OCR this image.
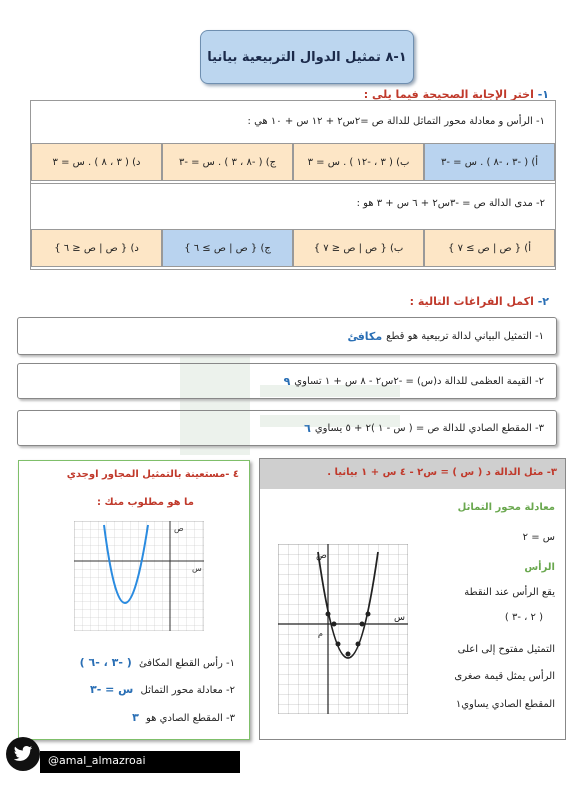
١-٨ تمثيل الدوال التربيعية بيانيا
١- اختر الإجابة الصحيحة فيما يلي :
١- الرأس و معادلة محور التماثل للدالة ص =٢س٢ + ١٢ س + ١٠ هي :
أ) ( -٣ ، -٨ ) . س = -٣
ب) ( ٣ ، -١٢ ) . س = ٣
ج) ( -٨ ، ٣ ) . س = -٣
د) ( ٣ ، ٨ ) . س = ٣
٢- مدى الدالة ص = -٣س٢ + ٦ س + ٣ هو :
أ) { ص | ص ≥ ٧ }
ب) { ص | ص ≤ ٧ }
ج) { ص | ص ≥ ٦ }
د) { ص | ص ≤ ٦ }
٢- اكمل الفراغات التالية :
١- التمثيل البياني لدالة تربيعية هو قطع
مكافئ
٢- القيمة العظمى للدالة د(س) = -٢س٢ - ٨ س + ١ تساوي
٩
٣- المقطع الصادي للدالة ص = ( س - ١ )٢ + ٥ يساوي
٦
٤ -مستعينة بالتمثيل المجاور اوجدي
ما هو مطلوب منك :
ص
س
١- رأس القطع المكافئ ( -٣ ، -٦ )
٢- معادلة محور التماثل س = -٣
٣- المقطع الصادي هو ٣
٣- مثل الدالة د ( س ) = س٢ - ٤ س + ١ بيانيا .
معادلة محور التماثل
س = ٢
الرأس
يقع الرأس عند النقطة
( ٢ ، -٣ )
التمثيل مفتوح إلى اعلى
الرأس يمثل قيمة صغرى
المقطع الصادي يساوي١
ص
س
م
@amal_almazroai
